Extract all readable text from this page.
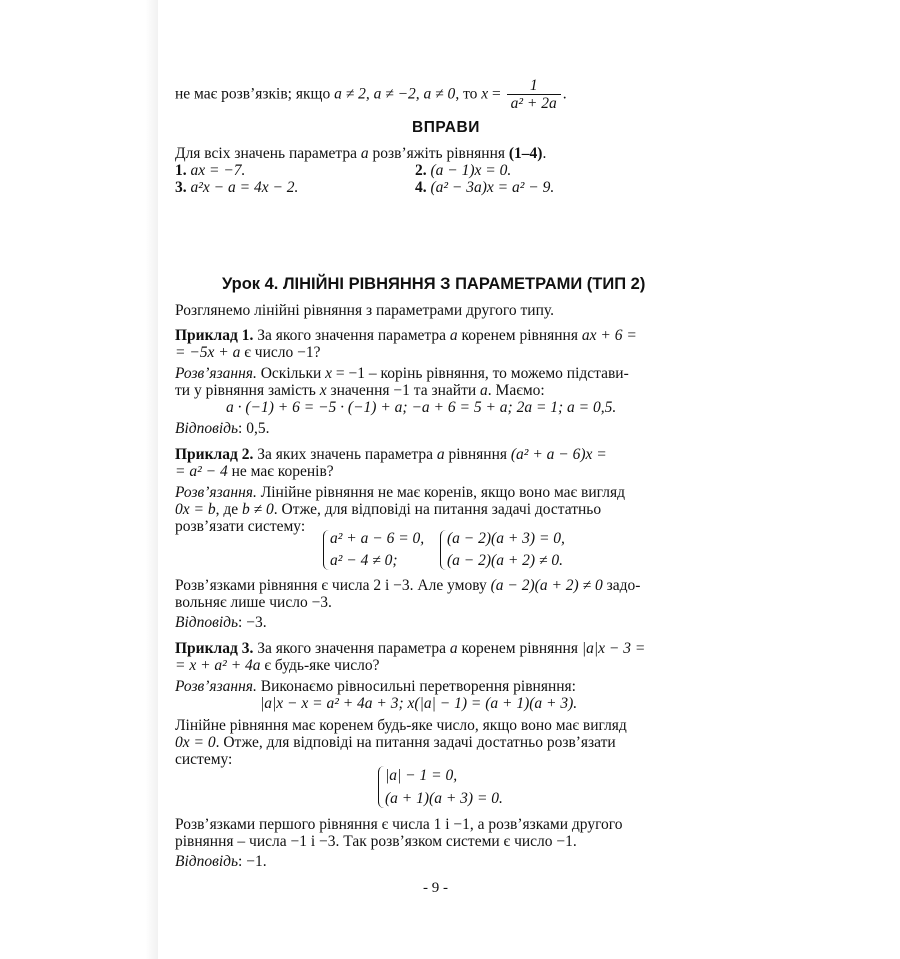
не має розв’язків; якщо a ≠ 2, a ≠ −2, a ≠ 0, то $x = \frac{1}{\text{a² + 2a}}$ .
ВПРАВИ
Для всіх значень параметра a розв’яжіть рівняння (1–4).
1. ax = −7.	2. (a − 1)x = 0.
3. a²x − a = 4x − 2.	4. (a² − 3a)x = a² − 9.
Урок 4. ЛІНІЙНІ РІВНЯННЯ З ПАРАМЕТРАМИ (ТИП 2)
Розглянемо лінійні рівняння з параметрами другого типу.
Приклад 1. За якого значення параметра a коренем рівняння ax + 6 =
= −5x + a є число −1?
Розв’язання. Оскільки x = −1 – корінь рівняння, то можемо підстави-
ти у рівняння замість x значення −1 та знайти a. Маємо:
a · (−1) + 6 = −5 · (−1) + a; −a + 6 = 5 + a; 2a = 1; a = 0,5.
Відповідь: 0,5.
Приклад 2. За яких значень параметра a рівняння (a² + a − 6)x =
= a² − 4 не має коренів?
Розв’язання. Лінійне рівняння не має коренів, якщо воно має вигляд
0x = b, де b ≠ 0. Отже, для відповіді на питання задачі достатньо
розв’язати систему:
a² + a − 6 = 0,
a² − 4 ≠ 0;
(a − 2)(a + 3) = 0,
(a − 2)(a + 2) ≠ 0.
Розв’язками рівняння є числа 2 і −3. Але умову (a − 2)(a + 2) ≠ 0 задо-
вольняє лише число −3.
Відповідь: −3.
Приклад 3. За якого значення параметра a коренем рівняння |a|x − 3 =
= x + a² + 4a є будь-яке число?
Розв’язання. Виконаємо рівносильні перетворення рівняння:
|a|x − x = a² + 4a + 3; x(|a| − 1) = (a + 1)(a + 3).
Лінійне рівняння має коренем будь-яке число, якщо воно має вигляд
0x = 0. Отже, для відповіді на питання задачі достатньо розв’язати
систему:
|a| − 1 = 0,
(a + 1)(a + 3) = 0.
Розв’язками першого рівняння є числа 1 і −1, а розв’язками другого
рівняння – числа −1 і −3. Так розв’язком системи є число −1.
Відповідь: −1.
- 9 -
